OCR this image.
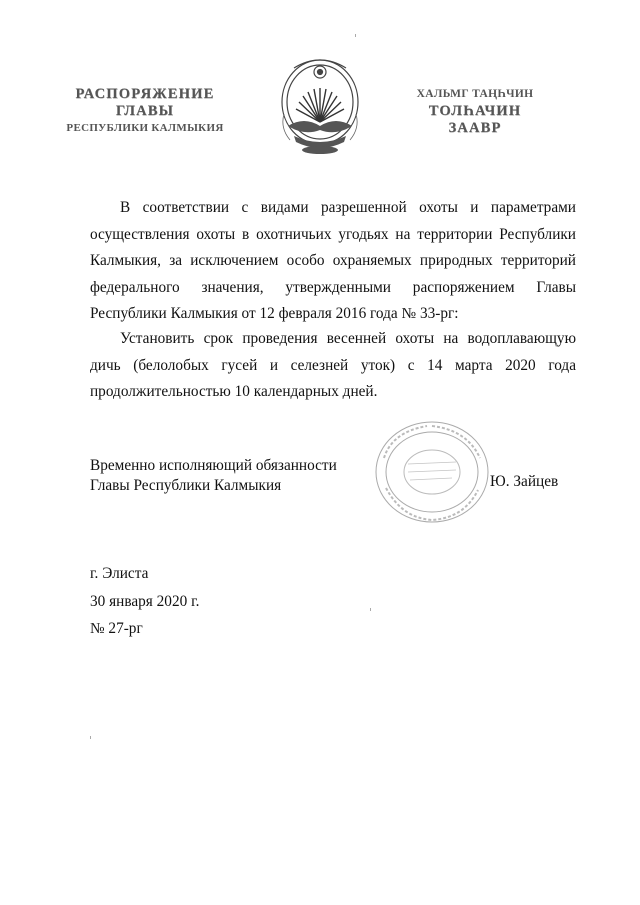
РАСПОРЯЖЕНИЕ
ГЛАВЫ
РЕСПУБЛИКИ КАЛМЫКИЯ
ХАЛЬМГ ТАҢҺЧИН
ТОЛҺАЧИН
ЗААВР
В соответствии с видами разрешенной охоты и параметрами осуществления охоты в охотничьих угодьях на территории Республики Калмыкия, за исключением особо охраняемых природных территорий федерального значения, утвержденными распоряжением Главы Республики Калмыкия от 12 февраля 2016 года № 33-рг:
Установить срок проведения весенней охоты на водоплавающую дичь (белолобых гусей и селезней уток) с 14 марта 2020 года продолжительностью 10 календарных дней.
Временно исполняющий обязанности
Главы Республики Калмыкия	Ю. Зайцев
г. Элиста
30 января 2020 г.
№ 27-рг
